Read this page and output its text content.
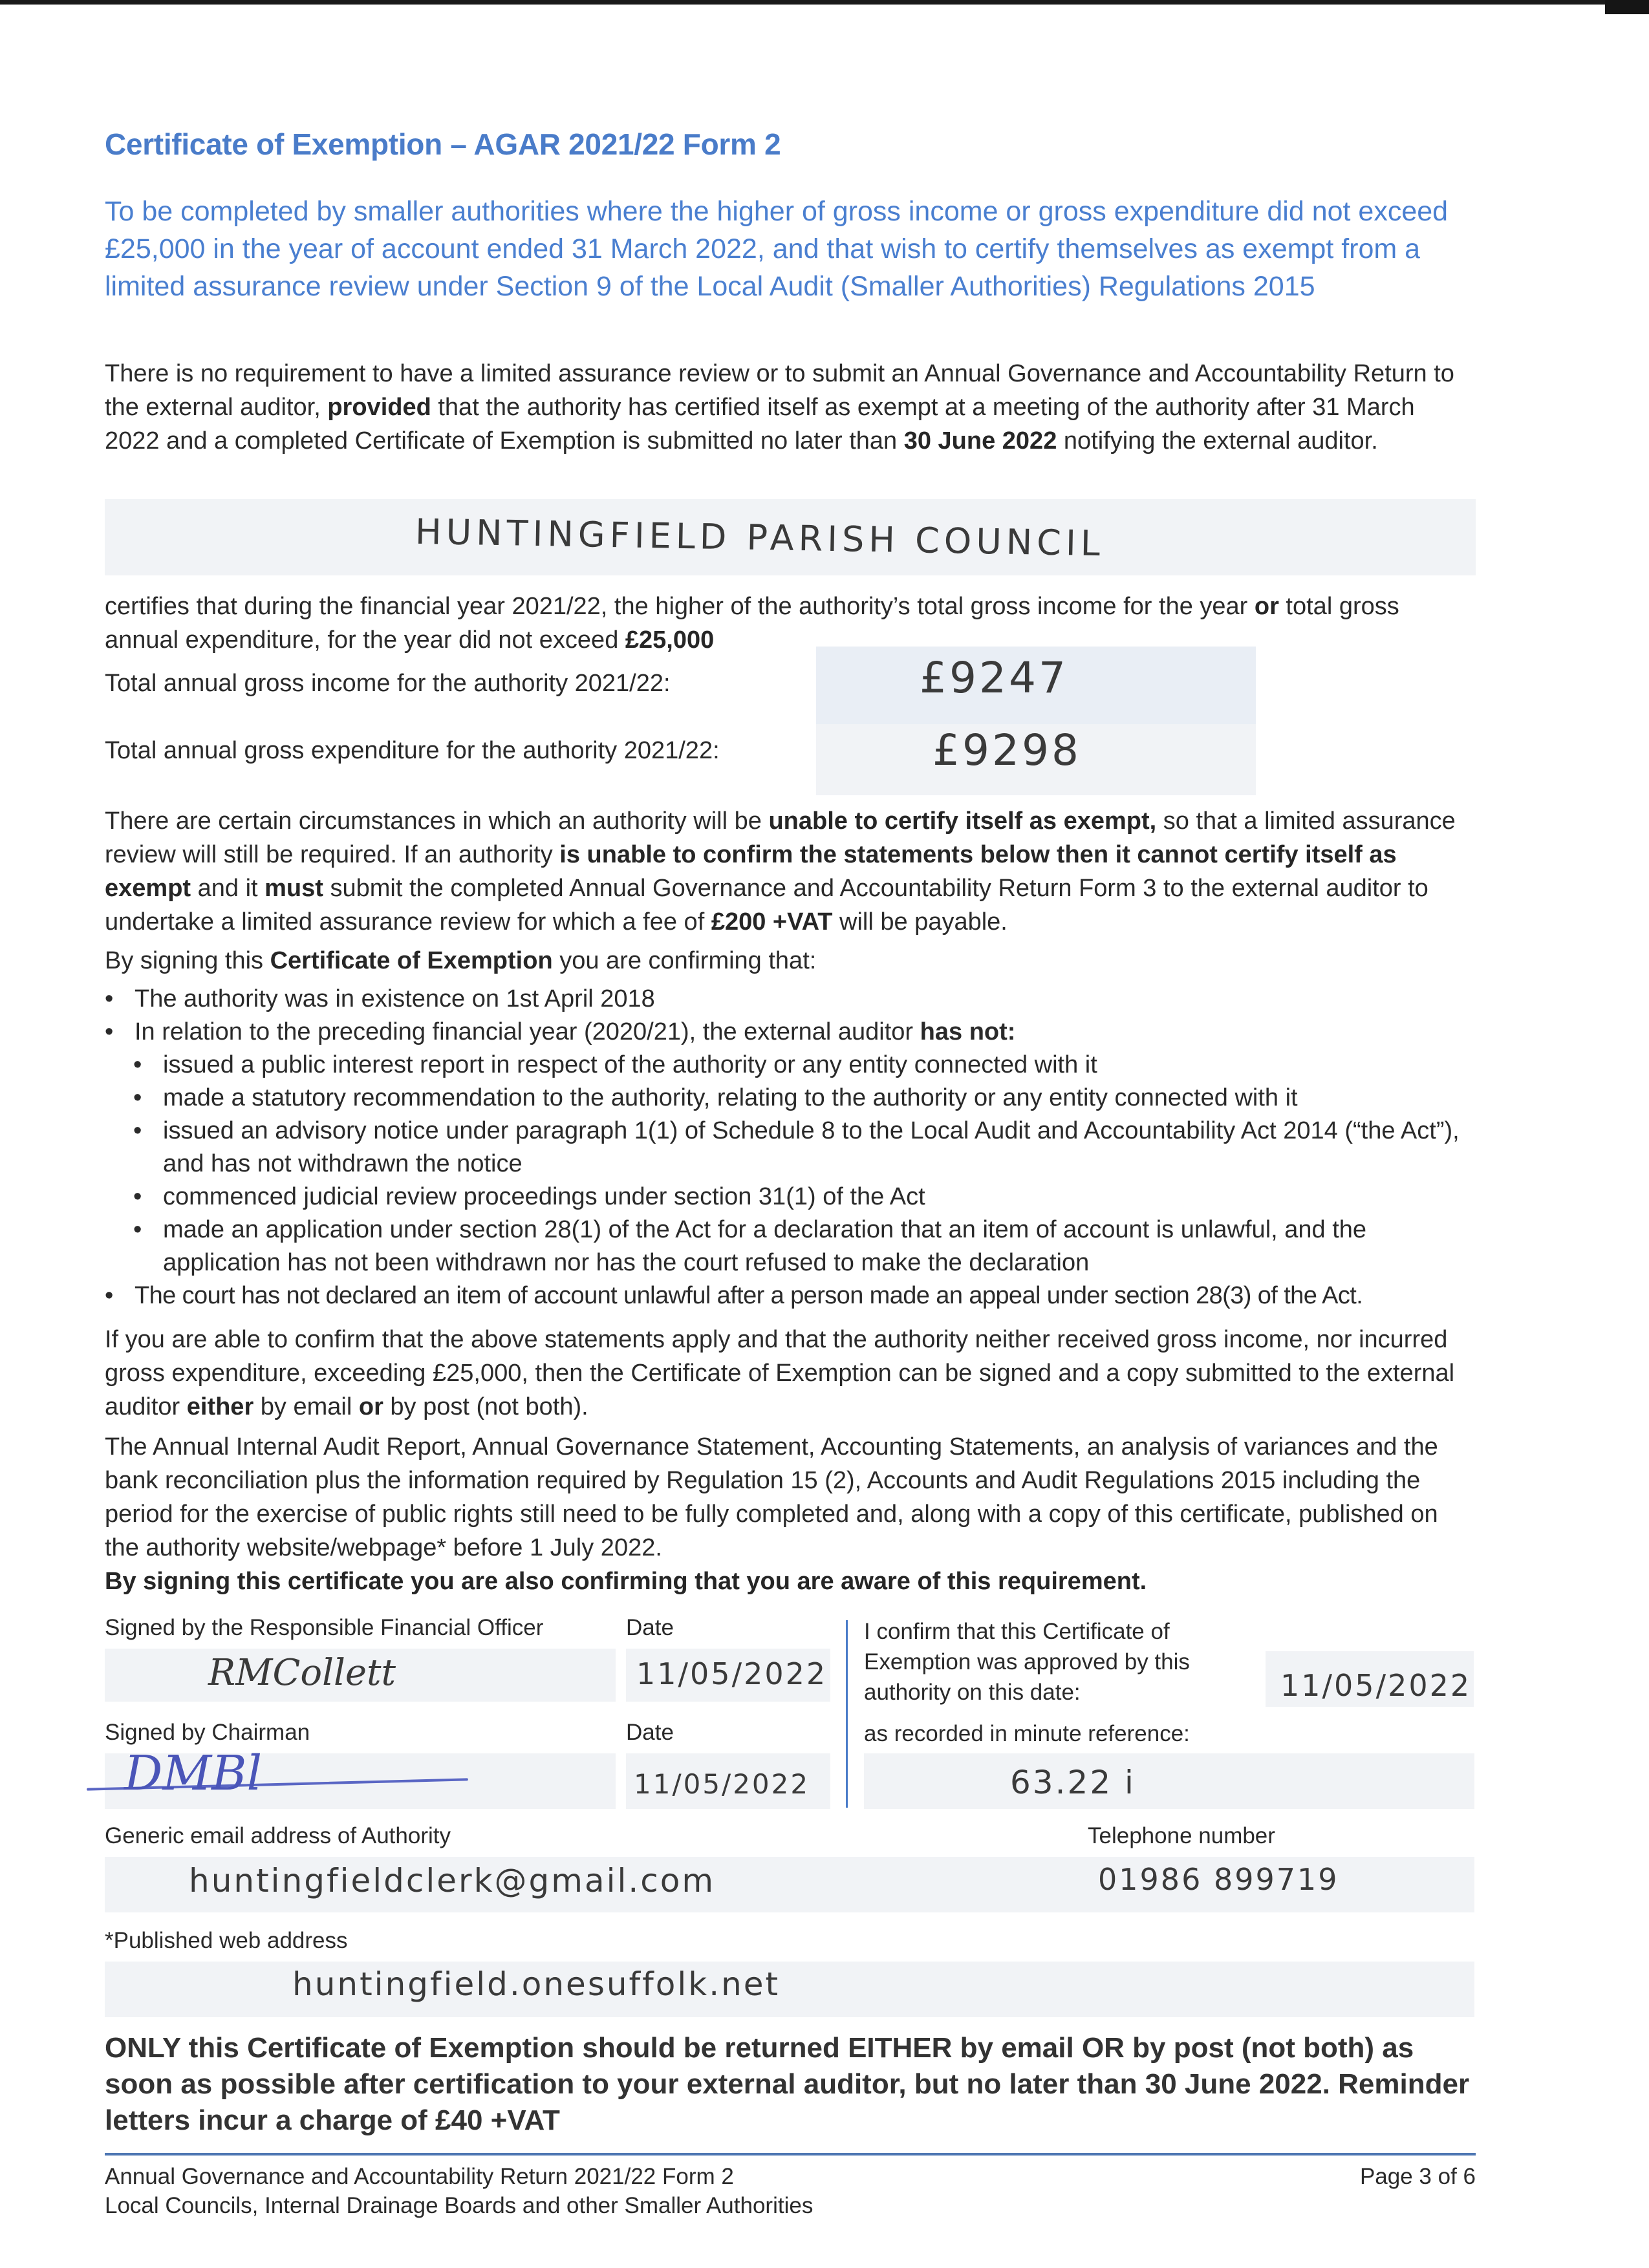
Certificate of Exemption – AGAR 2021/22 Form 2
To be completed by smaller authorities where the higher of gross income or gross expenditure did not exceed £25,000 in the year of account ended 31 March 2022, and that wish to certify themselves as exempt from a limited assurance review under Section 9 of the Local Audit (Smaller Authorities) Regulations 2015
There is no requirement to have a limited assurance review or to submit an Annual Governance and Accountability Return to the external auditor, provided that the authority has certified itself as exempt at a meeting of the authority after 31 March 2022 and a completed Certificate of Exemption is submitted no later than 30 June 2022 notifying the external auditor.
HUNTINGFIELD PARISH COUNCIL
certifies that during the financial year 2021/22, the higher of the authority’s total gross income for the year or total gross annual expenditure, for the year did not exceed £25,000
Total annual gross income for the authority 2021/22:	£9247
Total annual gross expenditure for the authority 2021/22:	£9298
There are certain circumstances in which an authority will be unable to certify itself as exempt, so that a limited assurance review will still be required. If an authority is unable to confirm the statements below then it cannot certify itself as exempt and it must submit the completed Annual Governance and Accountability Return Form 3 to the external auditor to undertake a limited assurance review for which a fee of £200 +VAT will be payable.
By signing this Certificate of Exemption you are confirming that:
• The authority was in existence on 1st April 2018
• In relation to the preceding financial year (2020/21), the external auditor has not:
• issued a public interest report in respect of the authority or any entity connected with it
• made a statutory recommendation to the authority, relating to the authority or any entity connected with it
• issued an advisory notice under paragraph 1(1) of Schedule 8 to the Local Audit and Accountability Act 2014 (“the Act”), and has not withdrawn the notice
• commenced judicial review proceedings under section 31(1) of the Act
• made an application under section 28(1) of the Act for a declaration that an item of account is unlawful, and the application has not been withdrawn nor has the court refused to make the declaration
• The court has not declared an item of account unlawful after a person made an appeal under section 28(3) of the Act.
If you are able to confirm that the above statements apply and that the authority neither received gross income, nor incurred gross expenditure, exceeding £25,000, then the Certificate of Exemption can be signed and a copy submitted to the external auditor either by email or by post (not both).
The Annual Internal Audit Report, Annual Governance Statement, Accounting Statements, an analysis of variances and the bank reconciliation plus the information required by Regulation 15 (2), Accounts and Audit Regulations 2015 including the period for the exercise of public rights still need to be fully completed and, along with a copy of this certificate, published on the authority website/webpage* before 1 July 2022.
By signing this certificate you are also confirming that you are aware of this requirement.
Signed by the Responsible Financial Officer
RMCollett
Date
11/05/2022
Signed by Chairman
DMBl
Date
11/05/2022
I confirm that this Certificate of Exemption was approved by this authority on this date:	11/05/2022
as recorded in minute reference:
63.22 i
Generic email address of Authority
huntingfieldclerk@gmail.com
Telephone number
01986 899719
*Published web address
huntingfield.onesuffolk.net
ONLY this Certificate of Exemption should be returned EITHER by email OR by post (not both) as soon as possible after certification to your external auditor, but no later than 30 June 2022. Reminder letters incur a charge of £40 +VAT
Annual Governance and Accountability Return 2021/22 Form 2
Local Councils, Internal Drainage Boards and other Smaller Authorities
Page 3 of 6
